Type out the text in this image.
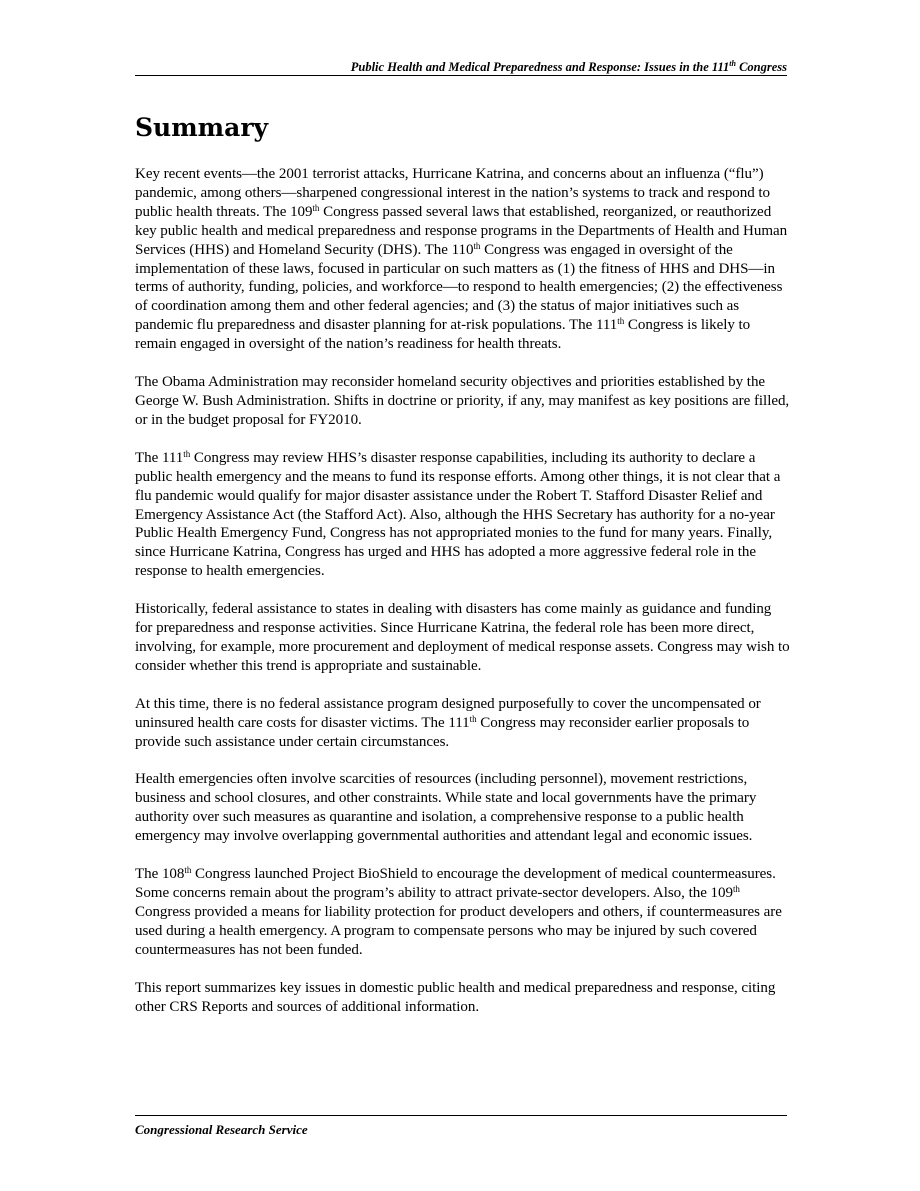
Public Health and Medical Preparedness and Response: Issues in the 111th Congress
Summary

Key recent events—the 2001 terrorist attacks, Hurricane Katrina, and concerns about an influenza (“flu”) pandemic, among others—sharpened congressional interest in the nation’s systems to track and respond to public health threats. The 109th Congress passed several laws that established, reorganized, or reauthorized key public health and medical preparedness and response programs in the Departments of Health and Human Services (HHS) and Homeland Security (DHS). The 110th Congress was engaged in oversight of the implementation of these laws, focused in particular on such matters as (1) the fitness of HHS and DHS—in terms of authority, funding, policies, and workforce—to respond to health emergencies; (2) the effectiveness of coordination among them and other federal agencies; and (3) the status of major initiatives such as pandemic flu preparedness and disaster planning for at-risk populations. The 111th Congress is likely to remain engaged in oversight of the nation’s readiness for health threats.

The Obama Administration may reconsider homeland security objectives and priorities established by the George W. Bush Administration. Shifts in doctrine or priority, if any, may manifest as key positions are filled, or in the budget proposal for FY2010.

The 111th Congress may review HHS’s disaster response capabilities, including its authority to declare a public health emergency and the means to fund its response efforts. Among other things, it is not clear that a flu pandemic would qualify for major disaster assistance under the Robert T. Stafford Disaster Relief and Emergency Assistance Act (the Stafford Act). Also, although the HHS Secretary has authority for a no-year Public Health Emergency Fund, Congress has not appropriated monies to the fund for many years. Finally, since Hurricane Katrina, Congress has urged and HHS has adopted a more aggressive federal role in the response to health emergencies.

Historically, federal assistance to states in dealing with disasters has come mainly as guidance and funding for preparedness and response activities. Since Hurricane Katrina, the federal role has been more direct, involving, for example, more procurement and deployment of medical response assets. Congress may wish to consider whether this trend is appropriate and sustainable.

At this time, there is no federal assistance program designed purposefully to cover the uncompensated or uninsured health care costs for disaster victims. The 111th Congress may reconsider earlier proposals to provide such assistance under certain circumstances.

Health emergencies often involve scarcities of resources (including personnel), movement restrictions, business and school closures, and other constraints. While state and local governments have the primary authority over such measures as quarantine and isolation, a comprehensive response to a public health emergency may involve overlapping governmental authorities and attendant legal and economic issues.

The 108th Congress launched Project BioShield to encourage the development of medical countermeasures. Some concerns remain about the program’s ability to attract private-sector developers. Also, the 109th Congress provided a means for liability protection for product developers and others, if countermeasures are used during a health emergency. A program to compensate persons who may be injured by such covered countermeasures has not been funded.

This report summarizes key issues in domestic public health and medical preparedness and response, citing other CRS Reports and sources of additional information.

Congressional Research Service
